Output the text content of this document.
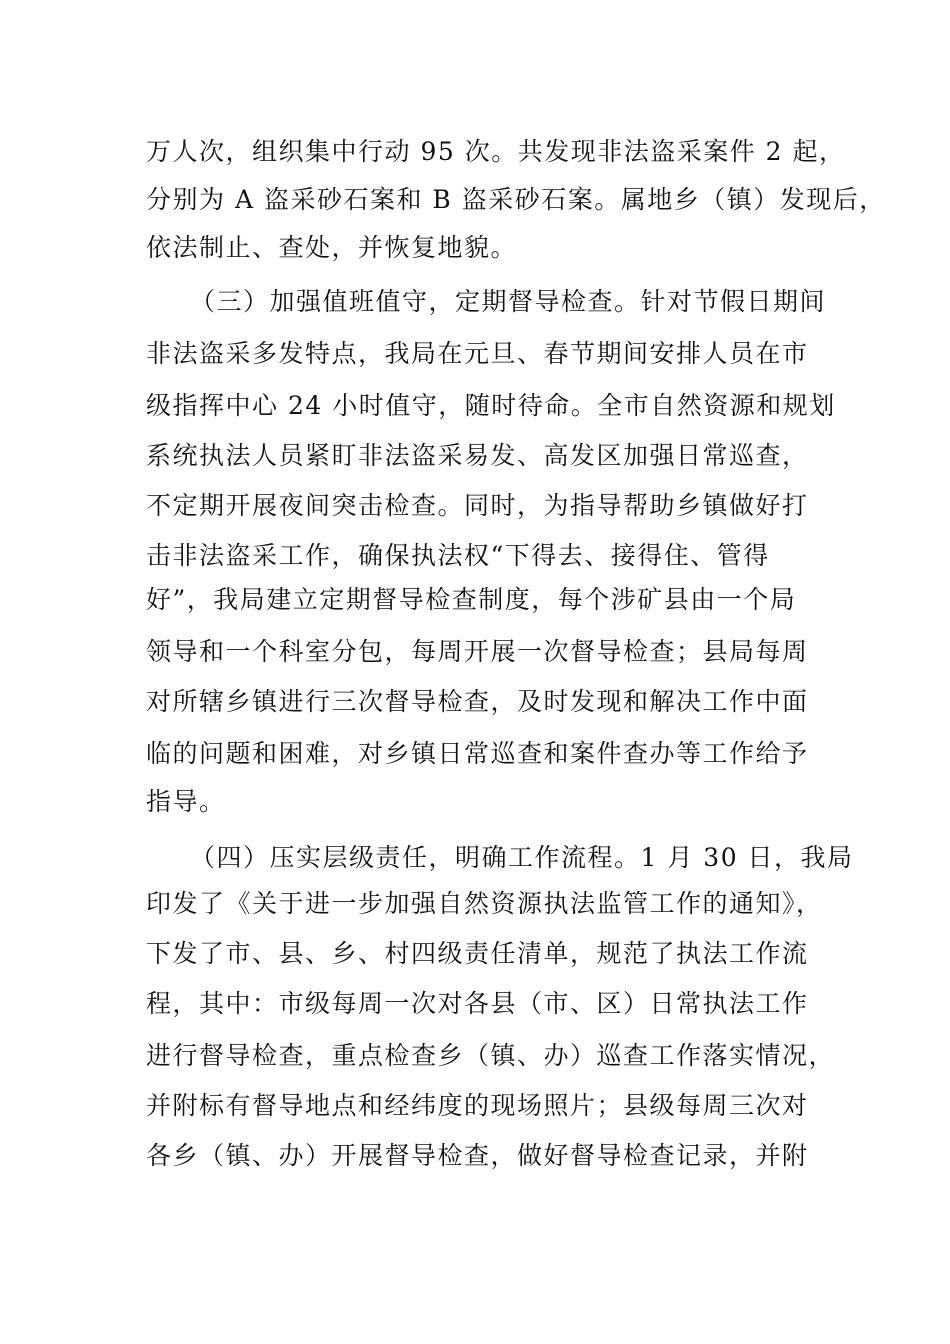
万人次，组织集中行动 95 次。共发现非法盗采案件 2 起，
分别为 A 盗采砂石案和 B 盗采砂石案。属地乡（镇）发现后，
依法制止、查处，并恢复地貌。
（三）加强值班值守，定期督导检查。针对节假日期间
非法盗采多发特点，我局在元旦、春节期间安排人员在市
级指挥中心 24 小时值守，随时待命。全市自然资源和规划
系统执法人员紧盯非法盗采易发、高发区加强日常巡查，
不定期开展夜间突击检查。同时，为指导帮助乡镇做好打
击非法盗采工作，确保执法权“下得去、接得住、管得
好”，我局建立定期督导检查制度，每个涉矿县由一个局
领导和一个科室分包，每周开展一次督导检查；县局每周
对所辖乡镇进行三次督导检查，及时发现和解决工作中面
临的问题和困难，对乡镇日常巡查和案件查办等工作给予
指导。
（四）压实层级责任，明确工作流程。1 月 30 日，我局
印发了《关于进一步加强自然资源执法监管工作的通知》，
下发了市、县、乡、村四级责任清单，规范了执法工作流
程，其中：市级每周一次对各县（市、区）日常执法工作
进行督导检查，重点检查乡（镇、办）巡查工作落实情况，
并附标有督导地点和经纬度的现场照片；县级每周三次对
各乡（镇、办）开展督导检查，做好督导检查记录，并附
